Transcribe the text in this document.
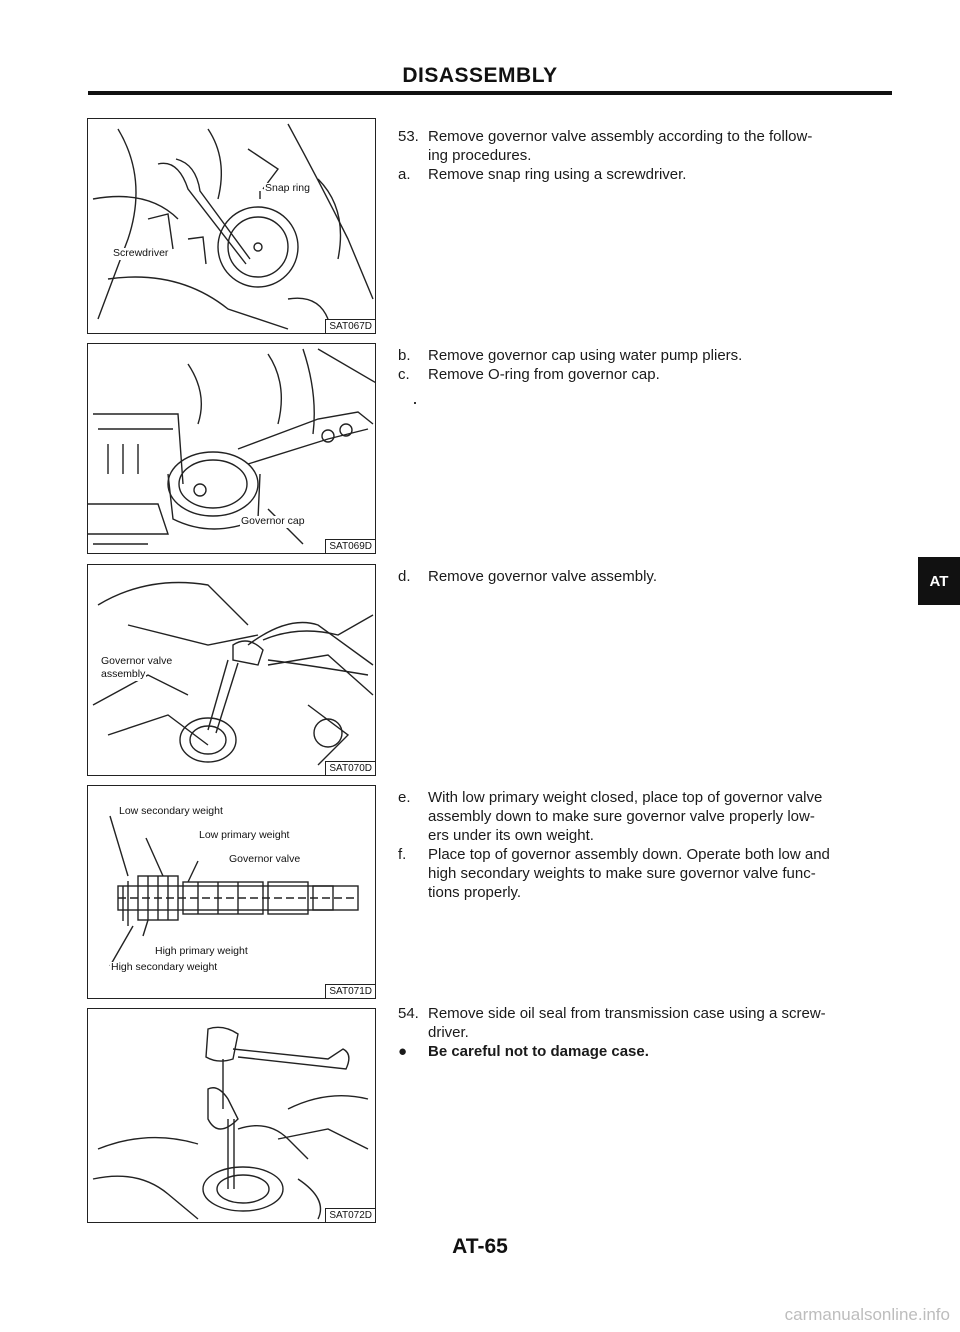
DISASSEMBLY
Snap ring
Screwdriver
SAT067D
Governor cap
SAT069D
Governor valve
assembly
SAT070D
Low secondary weight
Low primary weight
Governor valve
High primary weight
High secondary weight
SAT071D
SAT072D

53. Remove governor valve assembly according to the follow-
ing procedures.

a. Remove snap ring using a screwdriver.

b. Remove governor cap using water pump pliers.

c. Remove O-ring from governor cap.

d. Remove governor valve assembly.

e. With low primary weight closed, place top of governor valve
assembly down to make sure governor valve properly low-
ers under its own weight.

f. Place top of governor assembly down. Operate both low and
high secondary weights to make sure governor valve func-
tions properly.

54. Remove side oil seal from transmission case using a screw-
driver.

● Be careful not to damage case.

AT
AT-65
carmanualsonline.info
